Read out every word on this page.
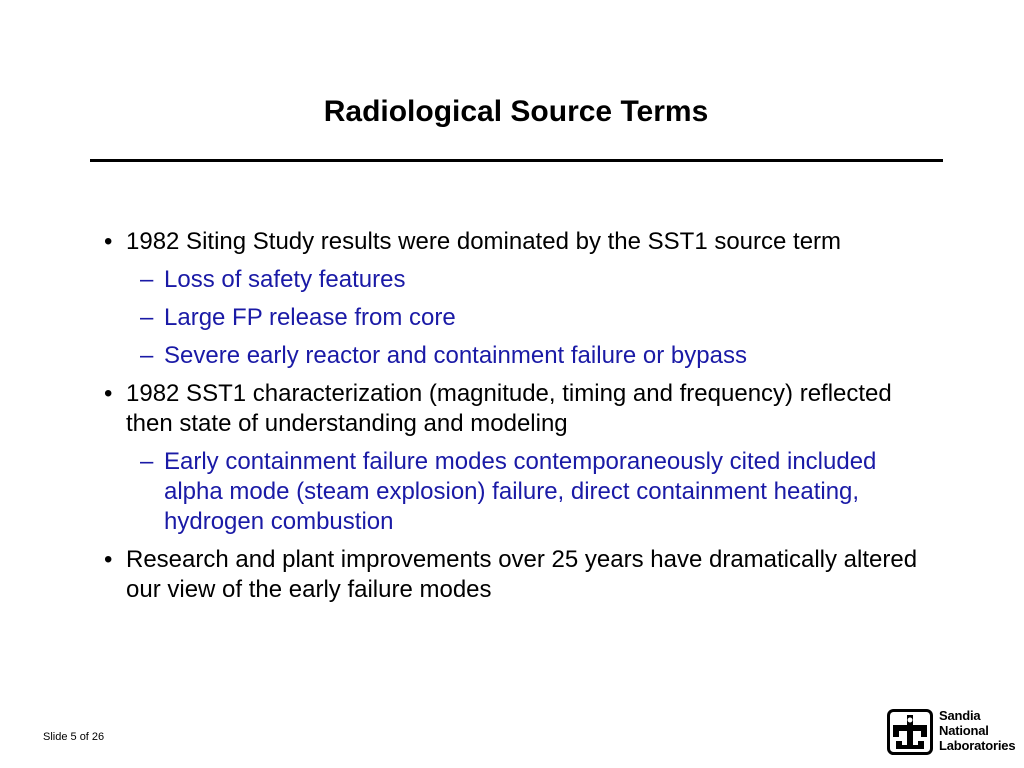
Radiological Source Terms

• 1982 Siting Study results were dominated by the SST1 source term

– Loss of safety features

– Large FP release from core

– Severe early reactor and containment failure or bypass

• 1982 SST1 characterization (magnitude, timing and frequency) reflected then state of understanding and modeling

– Early containment failure modes contemporaneously cited included alpha mode (steam explosion) failure, direct containment heating, hydrogen combustion

• Research and plant improvements over 25 years have dramatically altered our view of the early failure modes

Slide 5 of 26
Sandia
National
Laboratories
